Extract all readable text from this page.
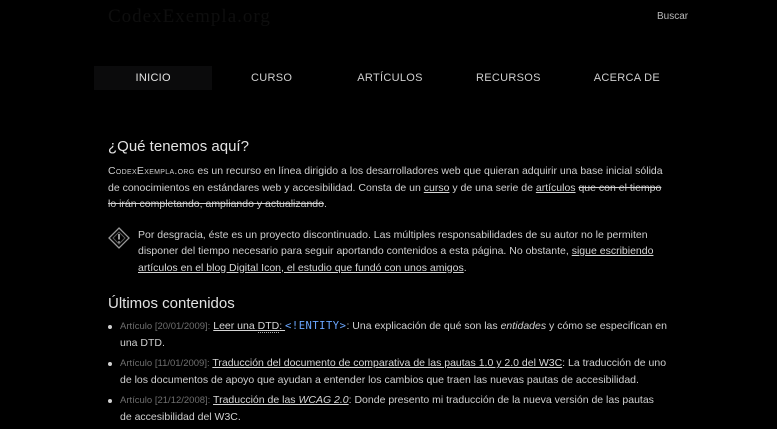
CodexExempla.org	Buscar
INICIO	CURSO	ARTÍCULOS	RECURSOS	ACERCA DE
¿Qué tenemos aquí?

CodexExempla.org es un recurso en línea dirigido a los desarrolladores web que quieran adquirir una base inicial sólida de conocimientos en estándares web y accesibilidad. Consta de un curso y de una serie de artículos que con el tiempo lo irán completando, ampliando y actualizando.

Por desgracia, éste es un proyecto discontinuado. Las múltiples responsabilidades de su autor no le permiten disponer del tiempo necesario para seguir aportando contenidos a esta página. No obstante, sigue escribiendo artículos en el blog Digital Icon, el estudio que fundó con unos amigos.
Últimos contenidos
Artículo [20/01/2009]: Leer una DTD: <!ENTITY>: Una explicación de qué son las entidades y cómo se especifican en una DTD.
Artículo [11/01/2009]: Traducción del documento de comparativa de las pautas 1.0 y 2.0 del W3C: La traducción de uno de los documentos de apoyo que ayudan a entender los cambios que traen las nuevas pautas de accesibilidad.
Artículo [21/12/2008]: Traducción de las WCAG 2.0: Donde presento mi traducción de la nueva versión de las pautas de accesibilidad del W3C.
